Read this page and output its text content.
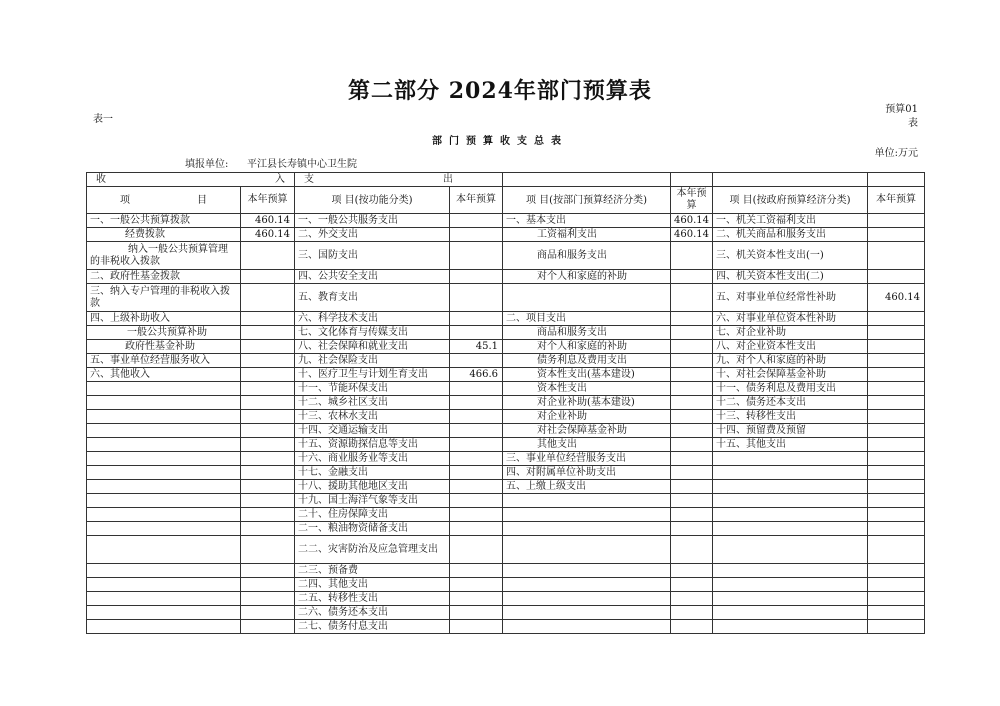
第二部分 2024年部门预算表
表一
预算01表
部门预算收支总表
填报单位: 平江县长寿镇中心卫生院
单位:万元
收 入		支 出					

项 目	本年预算	项 目(按功能分类)	本年预算	项 目(按部门预算经济分类)	本年预算	项 目(按政府预算经济分类)	本年预算

一、一般公共预算拨款	460.14	一、一般公共服务支出		一、基本支出	460.14	一、机关工资福利支出	
经费拨款	460.14	二、外交支出		工资福利支出	460.14	二、机关商品和服务支出	
纳入一般公共预算管理的非税收入拨款		三、国防支出		商品和服务支出		三、机关资本性支出(一)	
二、政府性基金拨款		四、公共安全支出		对个人和家庭的补助		四、机关资本性支出(二)	
三、纳入专户管理的非税收入拨款		五、教育支出				五、对事业单位经常性补助	460.14
四、上级补助收入		六、科学技术支出		二、项目支出		六、对事业单位资本性补助	
一般公共预算补助		七、文化体育与传媒支出		商品和服务支出		七、对企业补助	
政府性基金补助		八、社会保障和就业支出	45.1	对个人和家庭的补助		八、对企业资本性支出	
五、事业单位经营服务收入		九、社会保险支出		债务利息及费用支出		九、对个人和家庭的补助	
六、其他收入		十、医疗卫生与计划生育支出	466.6	资本性支出(基本建设)		十、对社会保障基金补助	
		十一、节能环保支出		资本性支出		十一、债务利息及费用支出	
		十二、城乡社区支出		对企业补助(基本建设)		十二、债务还本支出	
		十三、农林水支出		对企业补助		十三、转移性支出	
		十四、交通运输支出		对社会保障基金补助		十四、预留费及预留	
		十五、资源勘探信息等支出		其他支出		十五、其他支出	
		十六、商业服务业等支出		三、事业单位经营服务支出			
		十七、金融支出		四、对附属单位补助支出			
		十八、援助其他地区支出		五、上缴上级支出			
		十九、国土海洋气象等支出					
		二十、住房保障支出					
		二一、粮油物资储备支出					
		二二、灾害防治及应急管理支出					
		二三、预备费					
		二四、其他支出					
		二五、转移性支出					
		二六、债务还本支出					
		二七、债务付息支出					
